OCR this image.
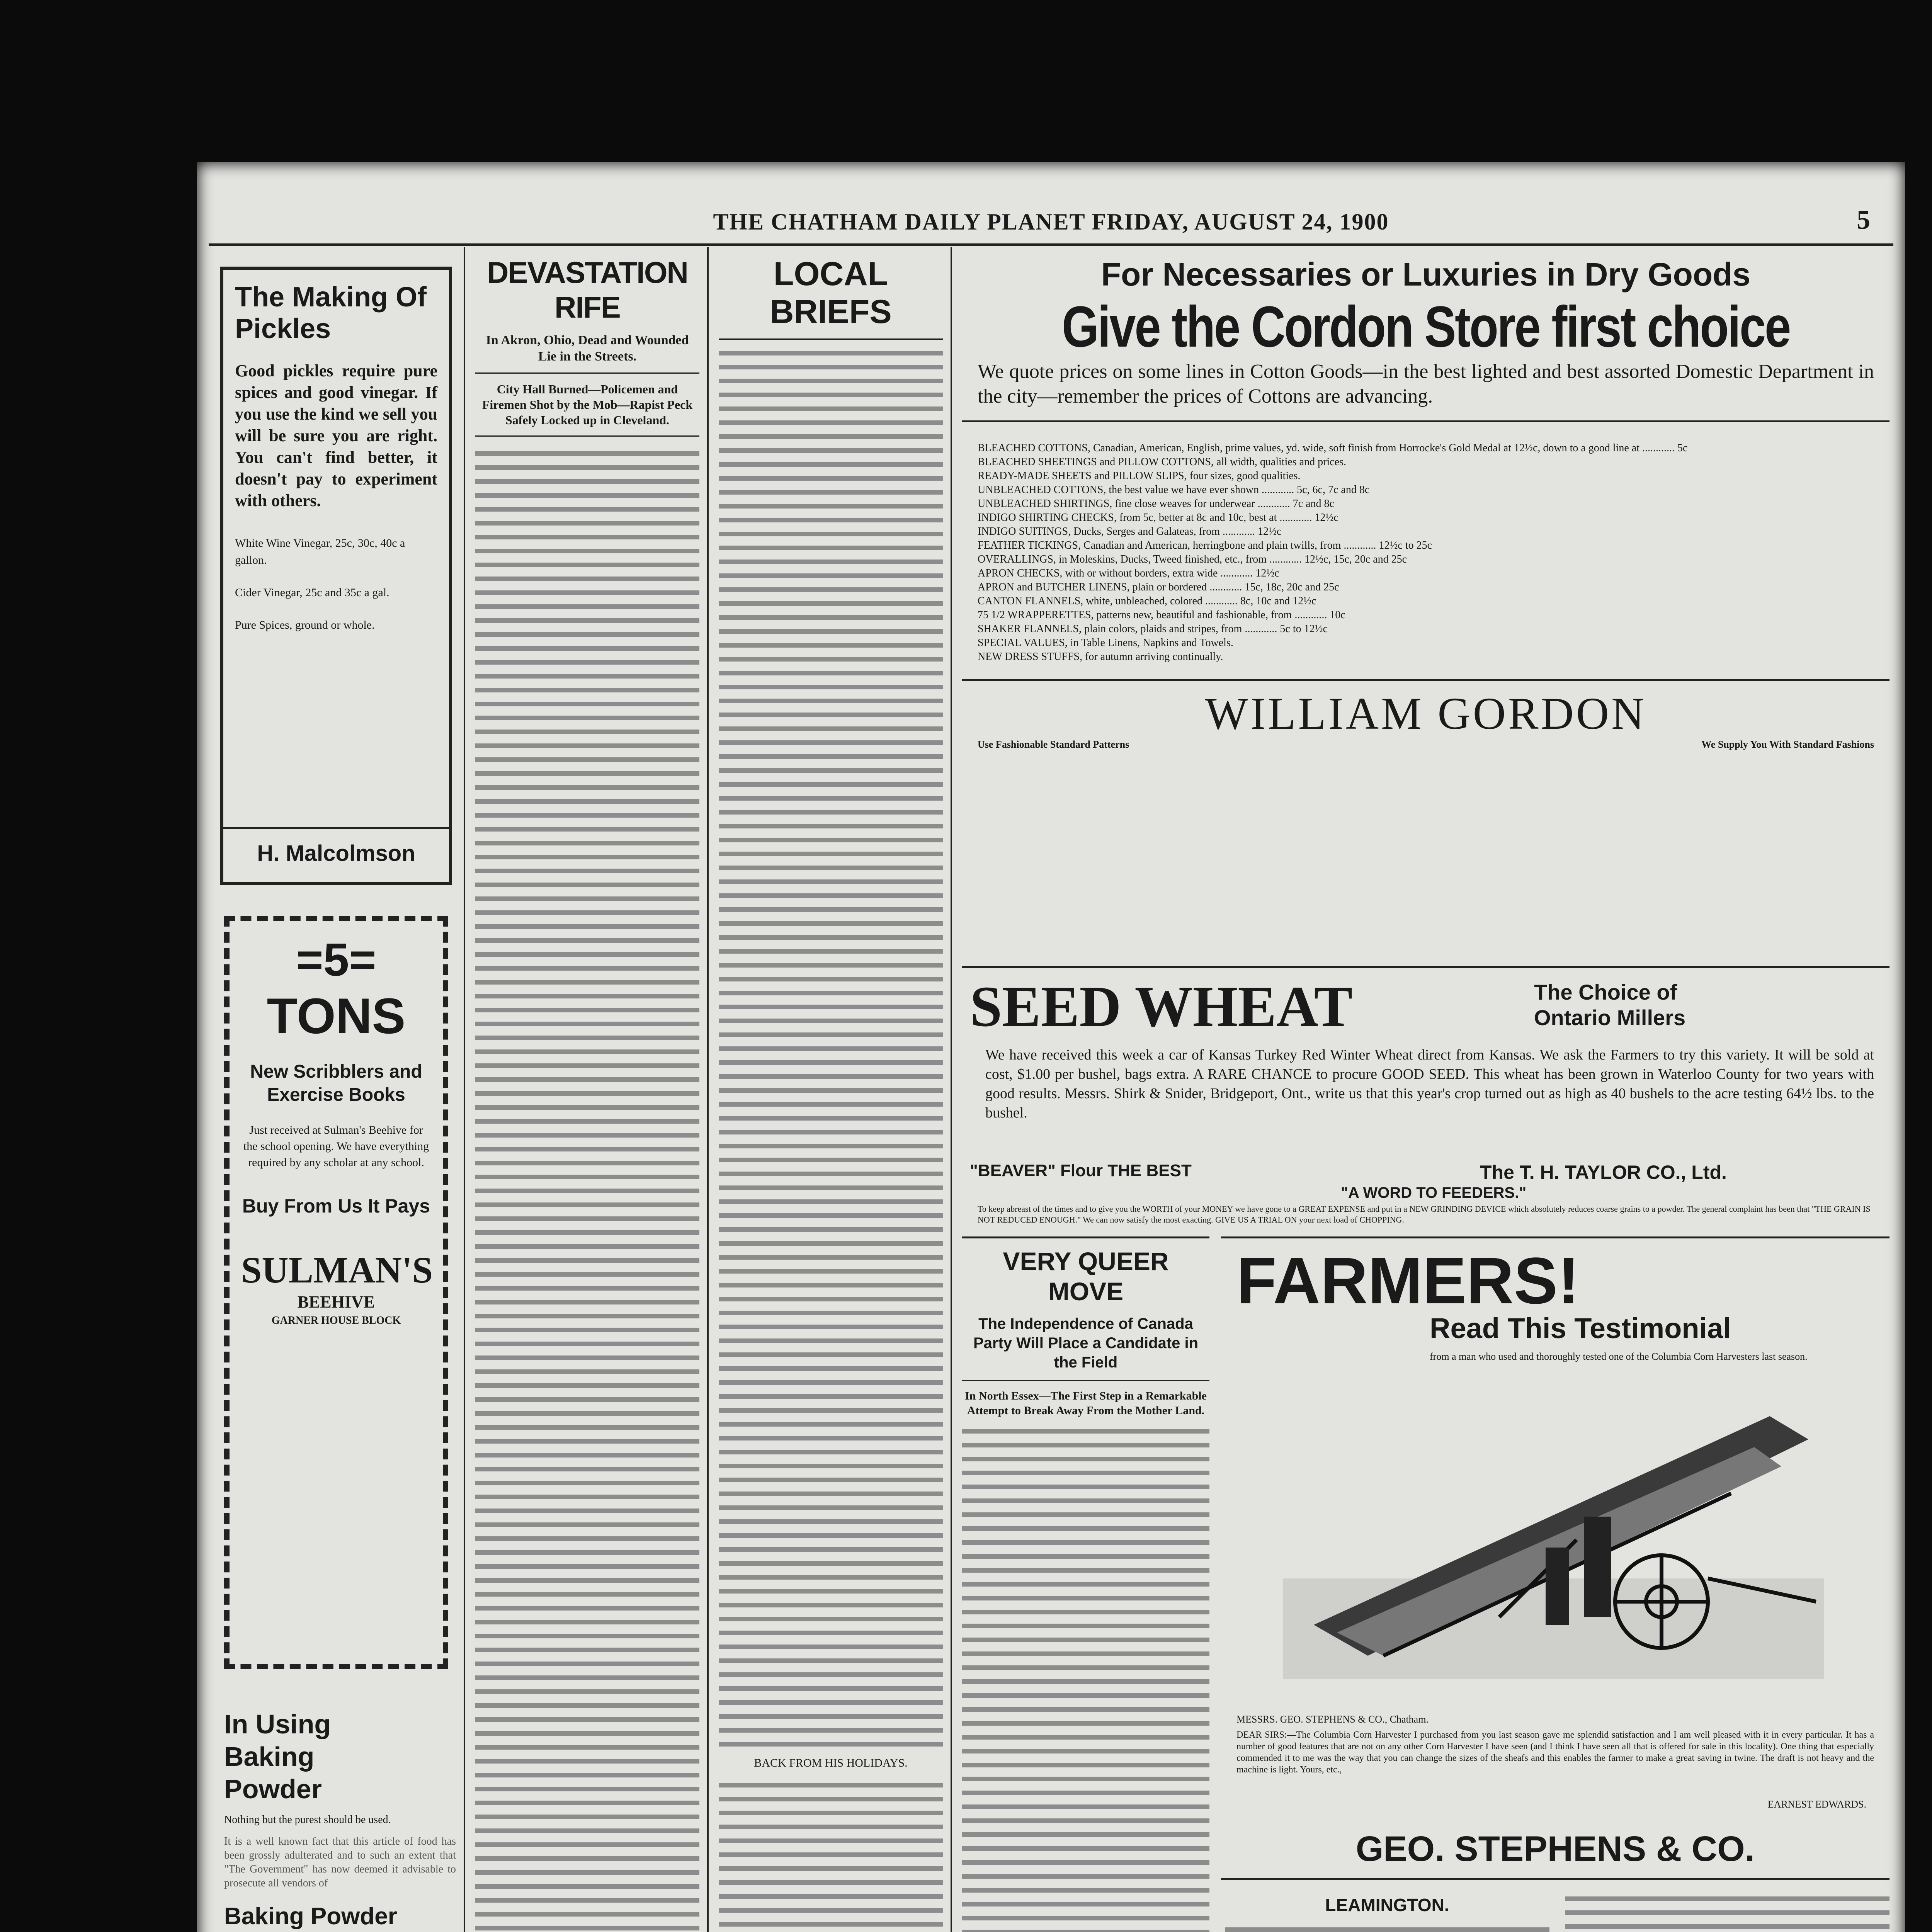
THE CHATHAM DAILY PLANET FRIDAY, AUGUST 24, 1900	5
The Making Of Pickles
Good pickles require pure spices and good vinegar. If you use the kind we sell you will be sure you are right. You can't find better, it doesn't pay to experiment with others.
White Wine Vinegar, 25c, 30c, 40c a gallon.
Cider Vinegar, 25c and 35c a gal.
Pure Spices, ground or whole.
H. Malcolmson
=5=
TONS
New Scribblers and Exercise Books
Just received at Sulman's Beehive for the school opening. We have everything required by any scholar at any school.
Buy From Us It Pays
SULMAN'S
BEEHIVE
GARNER HOUSE BLOCK
In Using Baking Powder
Nothing but the purest should be used.
It is a well known fact that this article of food has been grossly adulterated and to such an extent that "The Government" has now deemed it advisable to prosecute all vendors of
Baking Powder
DEVASTATION RIFE
In Akron, Ohio, Dead and Wounded Lie in the Streets.
City Hall Burned—Policemen and Firemen Shot by the Mob—Rapist Peck Safely Locked up in Cleveland.
LOCAL BRIEFS
BACK FROM HIS HOLIDAYS.
For Necessaries or Luxuries in Dry Goods
Give the Cordon Store first choice
We quote prices on some lines in Cotton Goods—in the best lighted and best assorted Domestic Department in the city—remember the prices of Cottons are advancing.
BLEACHED COTTONS, Canadian, American, English, prime values, yd. wide, soft finish from Horrocke's Gold Medal at 12½c, down to a good line at ............ 5c
BLEACHED SHEETINGS and PILLOW COTTONS, all width, qualities and prices.
READY-MADE SHEETS and PILLOW SLIPS, four sizes, good qualities.
UNBLEACHED COTTONS, the best value we have ever shown ............ 5c, 6c, 7c and 8c
UNBLEACHED SHIRTINGS, fine close weaves for underwear ............ 7c and 8c
INDIGO SHIRTING CHECKS, from 5c, better at 8c and 10c, best at ............ 12½c
INDIGO SUITINGS, Ducks, Serges and Galateas, from ............ 12½c
FEATHER TICKINGS, Canadian and American, herringbone and plain twills, from ............ 12½c to 25c
OVERALLINGS, in Moleskins, Ducks, Tweed finished, etc., from ............ 12½c, 15c, 20c and 25c
APRON CHECKS, with or without borders, extra wide ............ 12½c
APRON and BUTCHER LINENS, plain or bordered ............ 15c, 18c, 20c and 25c
CANTON FLANNELS, white, unbleached, colored ............ 8c, 10c and 12½c
75 1/2 WRAPPERETTES, patterns new, beautiful and fashionable, from ............ 10c
SHAKER FLANNELS, plain colors, plaids and stripes, from ............ 5c to 12½c
SPECIAL VALUES, in Table Linens, Napkins and Towels.
NEW DRESS STUFFS, for autumn arriving continually.
WILLIAM GORDON
Use Fashionable Standard Patterns	We Supply You With Standard Fashions
SEED WHEAT	The Choice of Ontario Millers
We have received this week a car of Kansas Turkey Red Winter Wheat direct from Kansas. We ask the Farmers to try this variety. It will be sold at cost, $1.00 per bushel, bags extra. A RARE CHANCE to procure GOOD SEED. This wheat has been grown in Waterloo County for two years with good results. Messrs. Shirk & Snider, Bridgeport, Ont., write us that this year's crop turned out as high as 40 bushels to the acre testing 64½ lbs. to the bushel.
"BEAVER" Flour THE BEST	The T. H. TAYLOR CO., Ltd.
"A WORD TO FEEDERS."
To keep abreast of the times and to give you the WORTH of your MONEY we have gone to a GREAT EXPENSE and put in a NEW GRINDING DEVICE which absolutely reduces coarse grains to a powder. The general complaint has been that "THE GRAIN IS NOT REDUCED ENOUGH." We can now satisfy the most exacting. GIVE US A TRIAL ON your next load of CHOPPING.
VERY QUEER MOVE
The Independence of Canada Party Will Place a Candidate in the Field
In North Essex—The First Step in a Remarkable Attempt to Break Away From the Mother Land.
FARMERS!
Read This Testimonial
from a man who used and thoroughly tested one of the Columbia Corn Harvesters last season.
MESSRS. GEO. STEPHENS & CO., Chatham.
DEAR SIRS:—The Columbia Corn Harvester I purchased from you last season gave me splendid satisfaction and I am well pleased with it in every particular. It has a number of good features that are not on any other Corn Harvester I have seen (and I think I have seen all that is offered for sale in this locality). One thing that especially commended it to me was the way that you can change the sizes of the sheafs and this enables the farmer to make a great saving in twine. The draft is not heavy and the machine is light. Yours, etc.,
EARNEST EDWARDS.
GEO. STEPHENS & CO.
LEAMINGTON.
